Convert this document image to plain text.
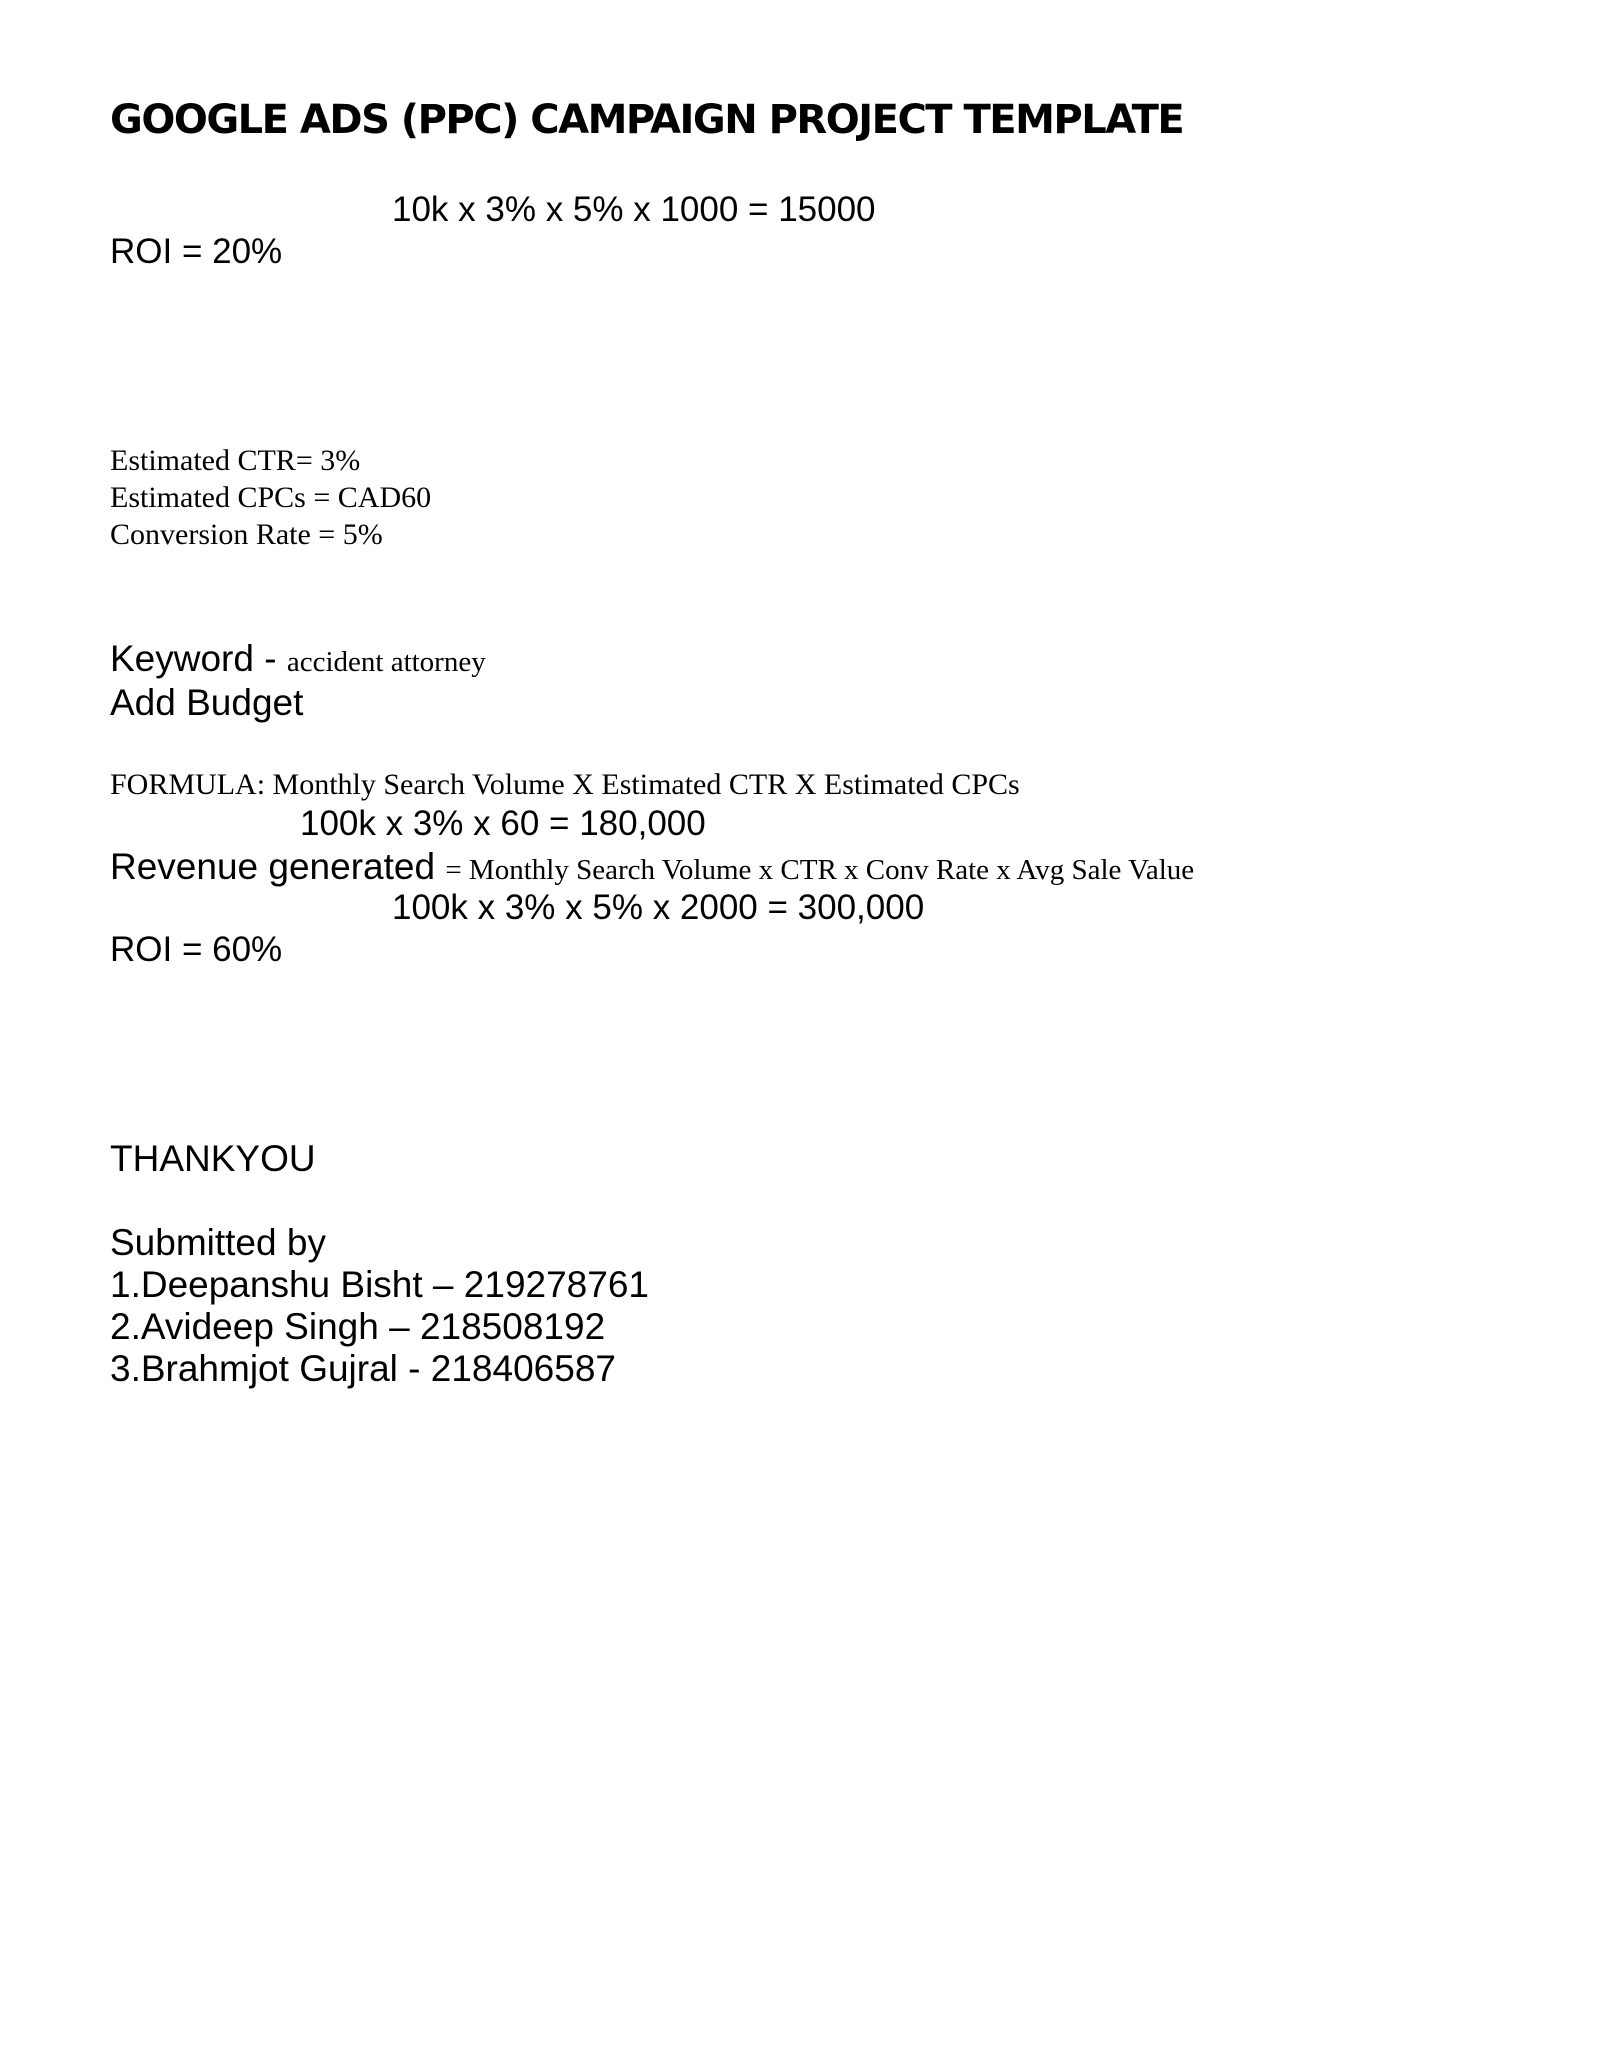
GOOGLE ADS (PPC) CAMPAIGN PROJECT TEMPLATE
10k x 3% x 5% x 1000 = 15000
ROI = 20%
Estimated CTR= 3%
Estimated CPCs = CAD60
Conversion Rate = 5%
Keyword - accident attorney
Add Budget
FORMULA: Monthly Search Volume X Estimated CTR X Estimated CPCs
100k x 3% x 60 = 180,000
Revenue generated = Monthly Search Volume x CTR x Conv Rate x Avg Sale Value
100k x 3% x 5% x 2000 = 300,000
ROI = 60%
THANKYOU
Submitted by
1.Deepanshu Bisht – 219278761
2.Avideep Singh – 218508192
3.Brahmjot Gujral - 218406587
